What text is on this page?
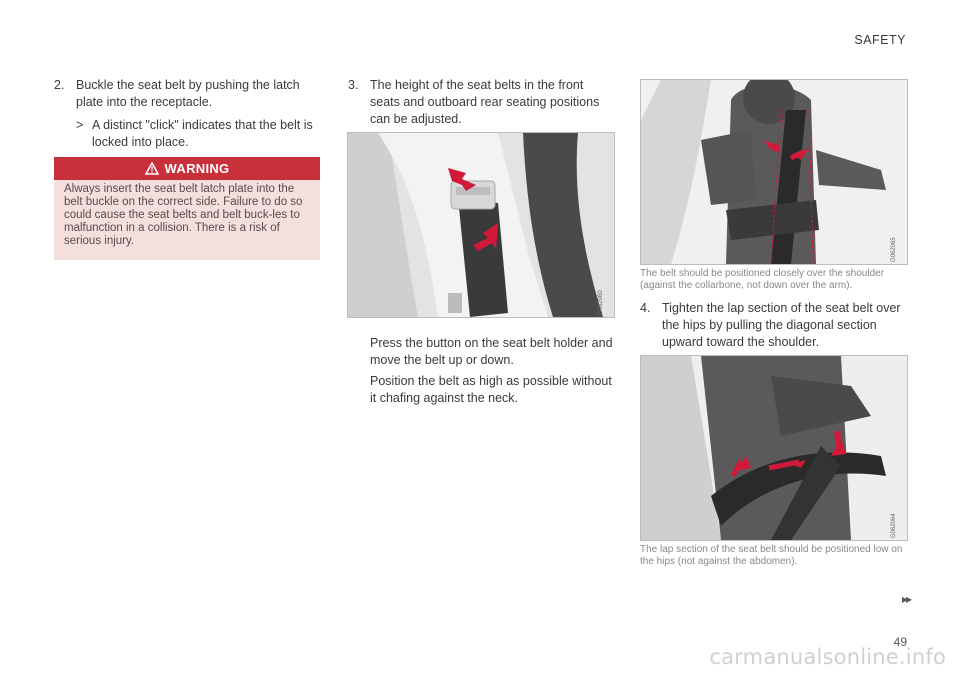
SAFETY
2. Buckle the seat belt by pushing the latch plate into the receptacle.
> A distinct "click" indicates that the belt is locked into place.
WARNING
Always insert the seat belt latch plate into the belt buckle on the correct side. Failure to do so could cause the seat belts and belt buck-les to malfunction in a collision. There is a risk of serious injury.
3. The height of the seat belts in the front seats and outboard rear seating positions can be adjusted.
G062060
Press the button on the seat belt holder and move the belt up or down.
Position the belt as high as possible without it chafing against the neck.
G062065
The belt should be positioned closely over the shoulder (against the collarbone, not down over the arm).
4. Tighten the lap section of the seat belt over the hips by pulling the diagonal section upward toward the shoulder.
G062064
The lap section of the seat belt should be positioned low on the hips (not against the abdomen).
▸▸
49
carmanualsonline.info
